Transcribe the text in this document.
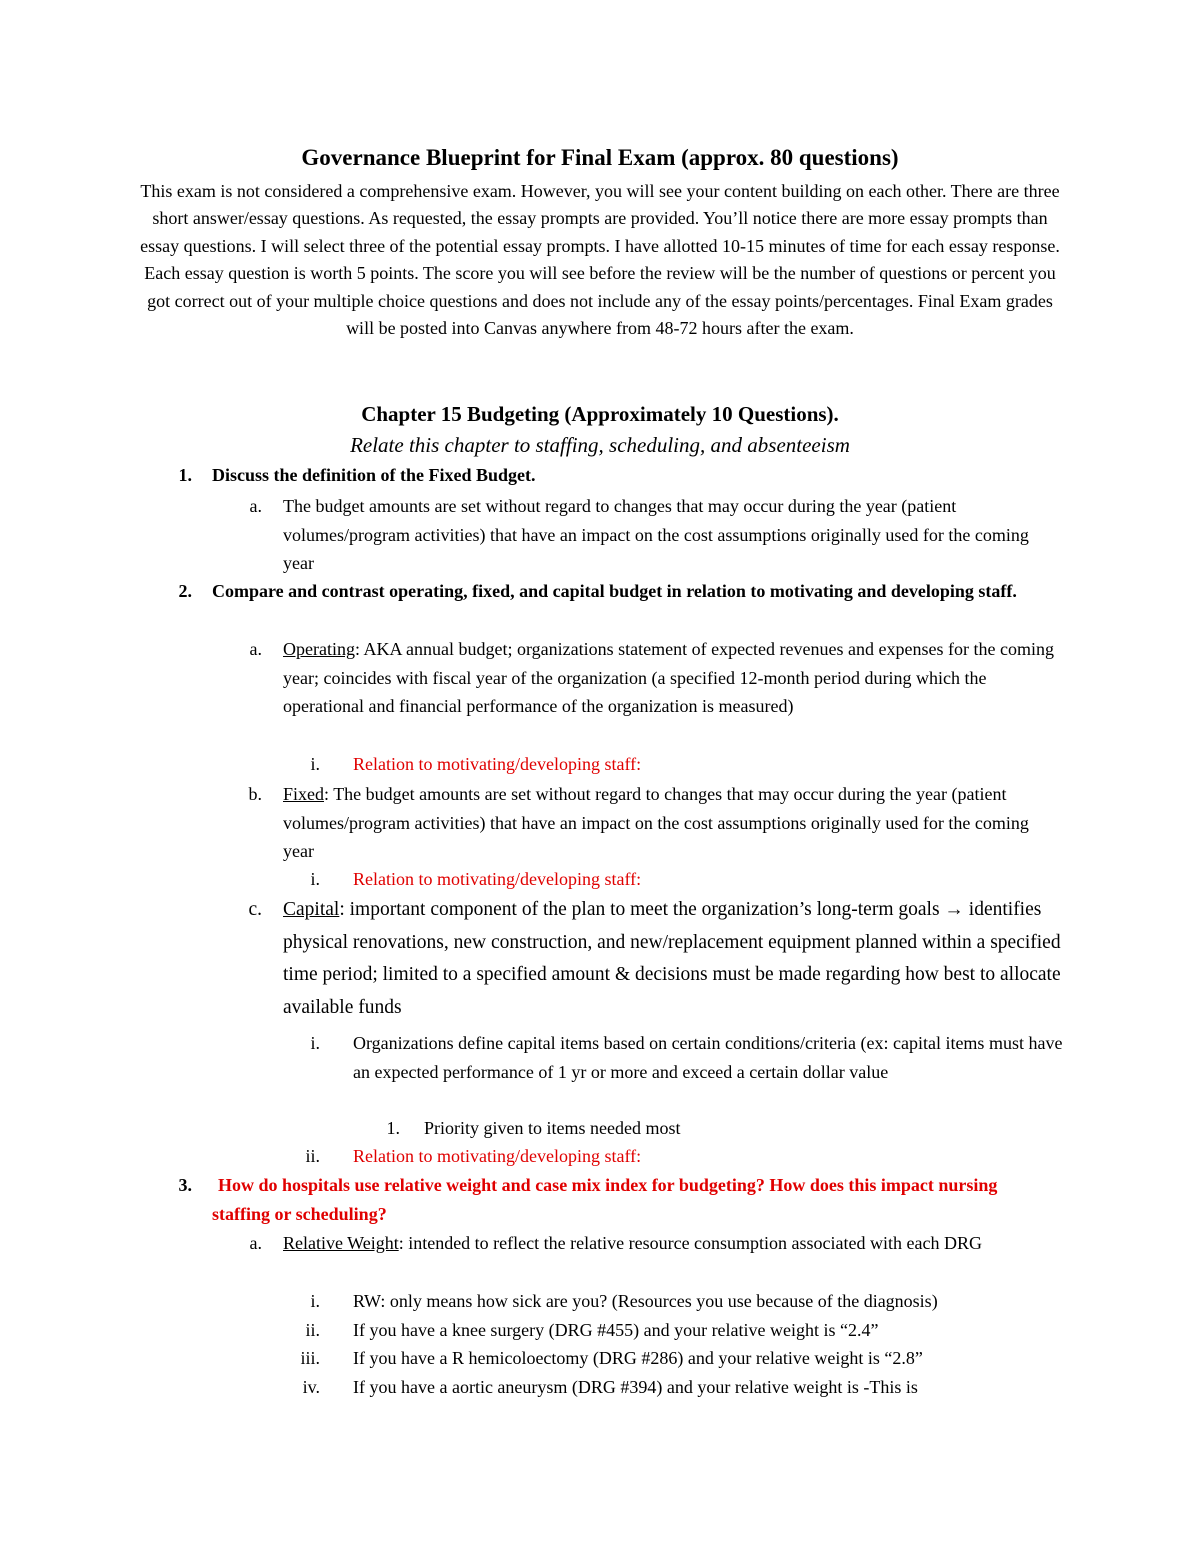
Governance Blueprint for Final Exam (approx. 80 questions)
This exam is not considered a comprehensive exam. However, you will see your content building on each other. There are three short answer/essay questions. As requested, the essay prompts are provided. You’ll notice there are more essay prompts than essay questions. I will select three of the potential essay prompts. I have allotted 10-15 minutes of time for each essay response. Each essay question is worth 5 points. The score you will see before the review will be the number of questions or percent you got correct out of your multiple choice questions and does not include any of the essay points/percentages. Final Exam grades will be posted into Canvas anywhere from 48-72 hours after the exam.
Chapter 15 Budgeting (Approximately 10 Questions).
Relate this chapter to staffing, scheduling, and absenteeism
1. Discuss the definition of the Fixed Budget.
a. The budget amounts are set without regard to changes that may occur during the year (patient volumes/program activities) that have an impact on the cost assumptions originally used for the coming year
2. Compare and contrast operating, fixed, and capital budget in relation to motivating and developing staff.
a. Operating: AKA annual budget; organizations statement of expected revenues and expenses for the coming year; coincides with fiscal year of the organization (a specified 12-month period during which the operational and financial performance of the organization is measured)
i. Relation to motivating/developing staff:
b. Fixed: The budget amounts are set without regard to changes that may occur during the year (patient volumes/program activities) that have an impact on the cost assumptions originally used for the coming year
i. Relation to motivating/developing staff:
c. Capital: important component of the plan to meet the organization’s long-term goals → identifies physical renovations, new construction, and new/replacement equipment planned within a specified time period; limited to a specified amount & decisions must be made regarding how best to allocate available funds
i. Organizations define capital items based on certain conditions/criteria (ex: capital items must have an expected performance of 1 yr or more and exceed a certain dollar value
1. Priority given to items needed most
ii. Relation to motivating/developing staff:
3.	How do hospitals use relative weight and case mix index for budgeting? How does this impact nursing staffing or scheduling?
a. Relative Weight: intended to reflect the relative resource consumption associated with each DRG
i. RW: only means how sick are you? (Resources you use because of the diagnosis)
ii. If you have a knee surgery (DRG #455) and your relative weight is “2.4”
iii. If you have a R hemicoloectomy (DRG #286) and your relative weight is “2.8”
iv. If you have a aortic aneurysm (DRG #394) and your relative weight is -This is
